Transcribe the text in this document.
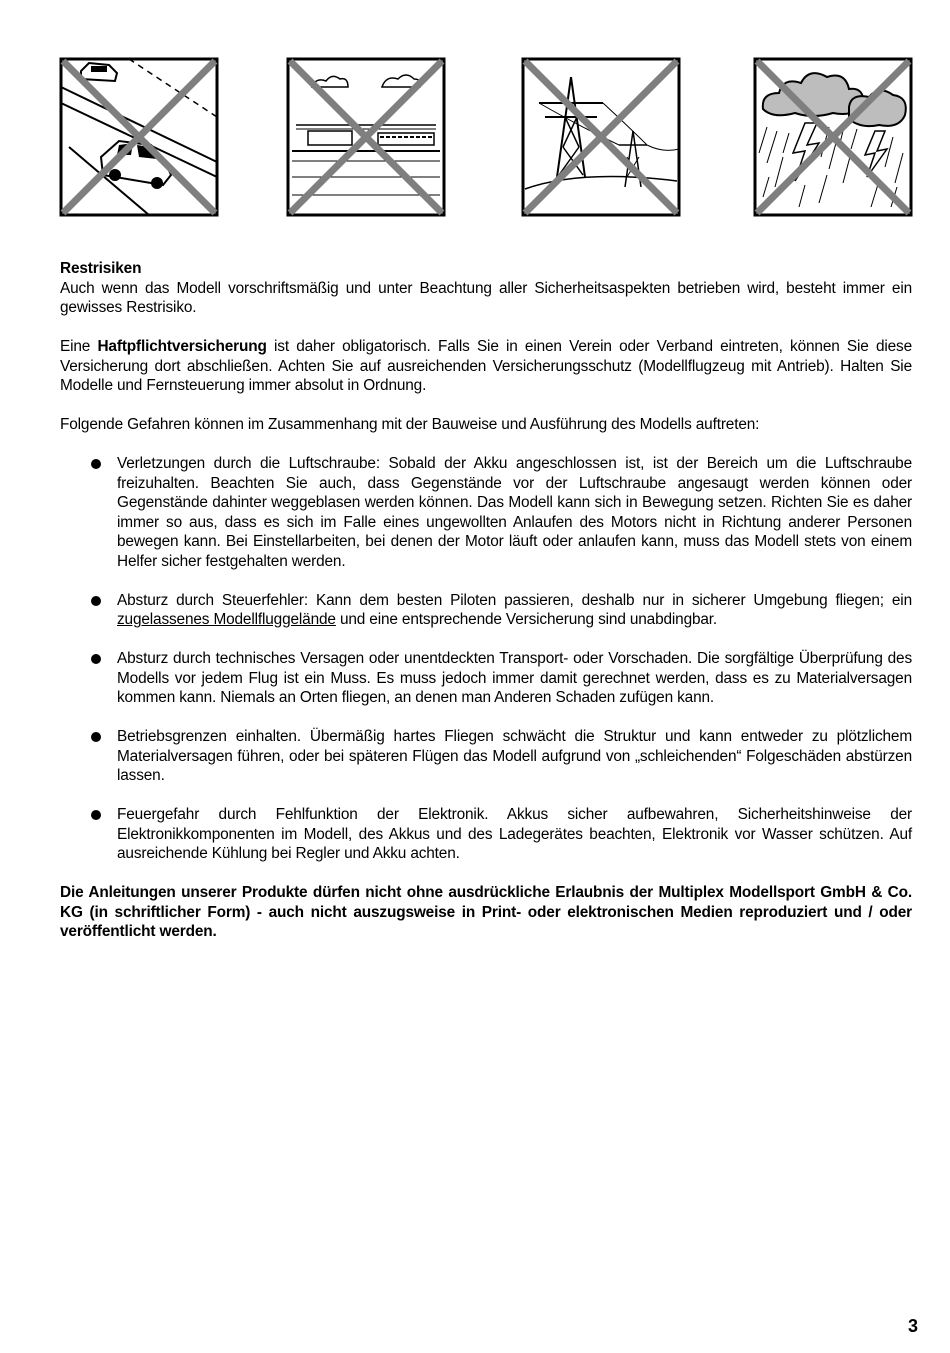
Restrisiken

Auch wenn das Modell vorschriftsmäßig und unter Beachtung aller Sicherheitsaspekten betrieben wird, besteht immer ein gewisses Restrisiko.

Eine Haftpflichtversicherung ist daher obligatorisch. Falls Sie in einen Verein oder Verband eintreten, können Sie diese Versicherung dort abschließen. Achten Sie auf ausreichenden Versicherungsschutz (Modellflugzeug mit Antrieb). Halten Sie Modelle und Fernsteuerung immer absolut in Ordnung.

Folgende Gefahren können im Zusammenhang mit der Bauweise und Ausführung des Modells auftreten:

Verletzungen durch die Luftschraube: Sobald der Akku angeschlossen ist, ist der Bereich um die Luftschraube freizuhalten. Beachten Sie auch, dass Gegenstände vor der Luftschraube angesaugt werden können oder Gegenstände dahinter weggeblasen werden können. Das Modell kann sich in Bewegung setzen. Richten Sie es daher immer so aus, dass es sich im Falle eines ungewollten Anlaufen des Motors nicht in Richtung anderer Personen bewegen kann. Bei Einstellarbeiten, bei denen der Motor läuft oder anlaufen kann, muss das Modell stets von einem Helfer sicher festgehalten werden.
Absturz durch Steuerfehler: Kann dem besten Piloten passieren, deshalb nur in sicherer Umgebung fliegen; ein zugelassenes Modellfluggelände und eine entsprechende Versicherung sind unabdingbar.
Absturz durch technisches Versagen oder unentdeckten Transport- oder Vorschaden. Die sorgfältige Überprüfung des Modells vor jedem Flug ist ein Muss. Es muss jedoch immer damit gerechnet werden, dass es zu Materialversagen kommen kann. Niemals an Orten fliegen, an denen man Anderen Schaden zufügen kann.
Betriebsgrenzen einhalten. Übermäßig hartes Fliegen schwächt die Struktur und kann entweder zu plötzlichem Materialversagen führen, oder bei späteren Flügen das Modell aufgrund von „schleichenden“ Folgeschäden abstürzen lassen.
Feuergefahr durch Fehlfunktion der Elektronik. Akkus sicher aufbewahren, Sicherheitshinweise der Elektronikkomponenten im Modell, des Akkus und des Ladegerätes beachten, Elektronik vor Wasser schützen. Auf ausreichende Kühlung bei Regler und Akku achten.

Die Anleitungen unserer Produkte dürfen nicht ohne ausdrückliche Erlaubnis der Multiplex Modellsport GmbH & Co. KG (in schriftlicher Form) - auch nicht auszugsweise in Print- oder elektronischen Medien reproduziert und / oder veröffentlicht werden.

3
